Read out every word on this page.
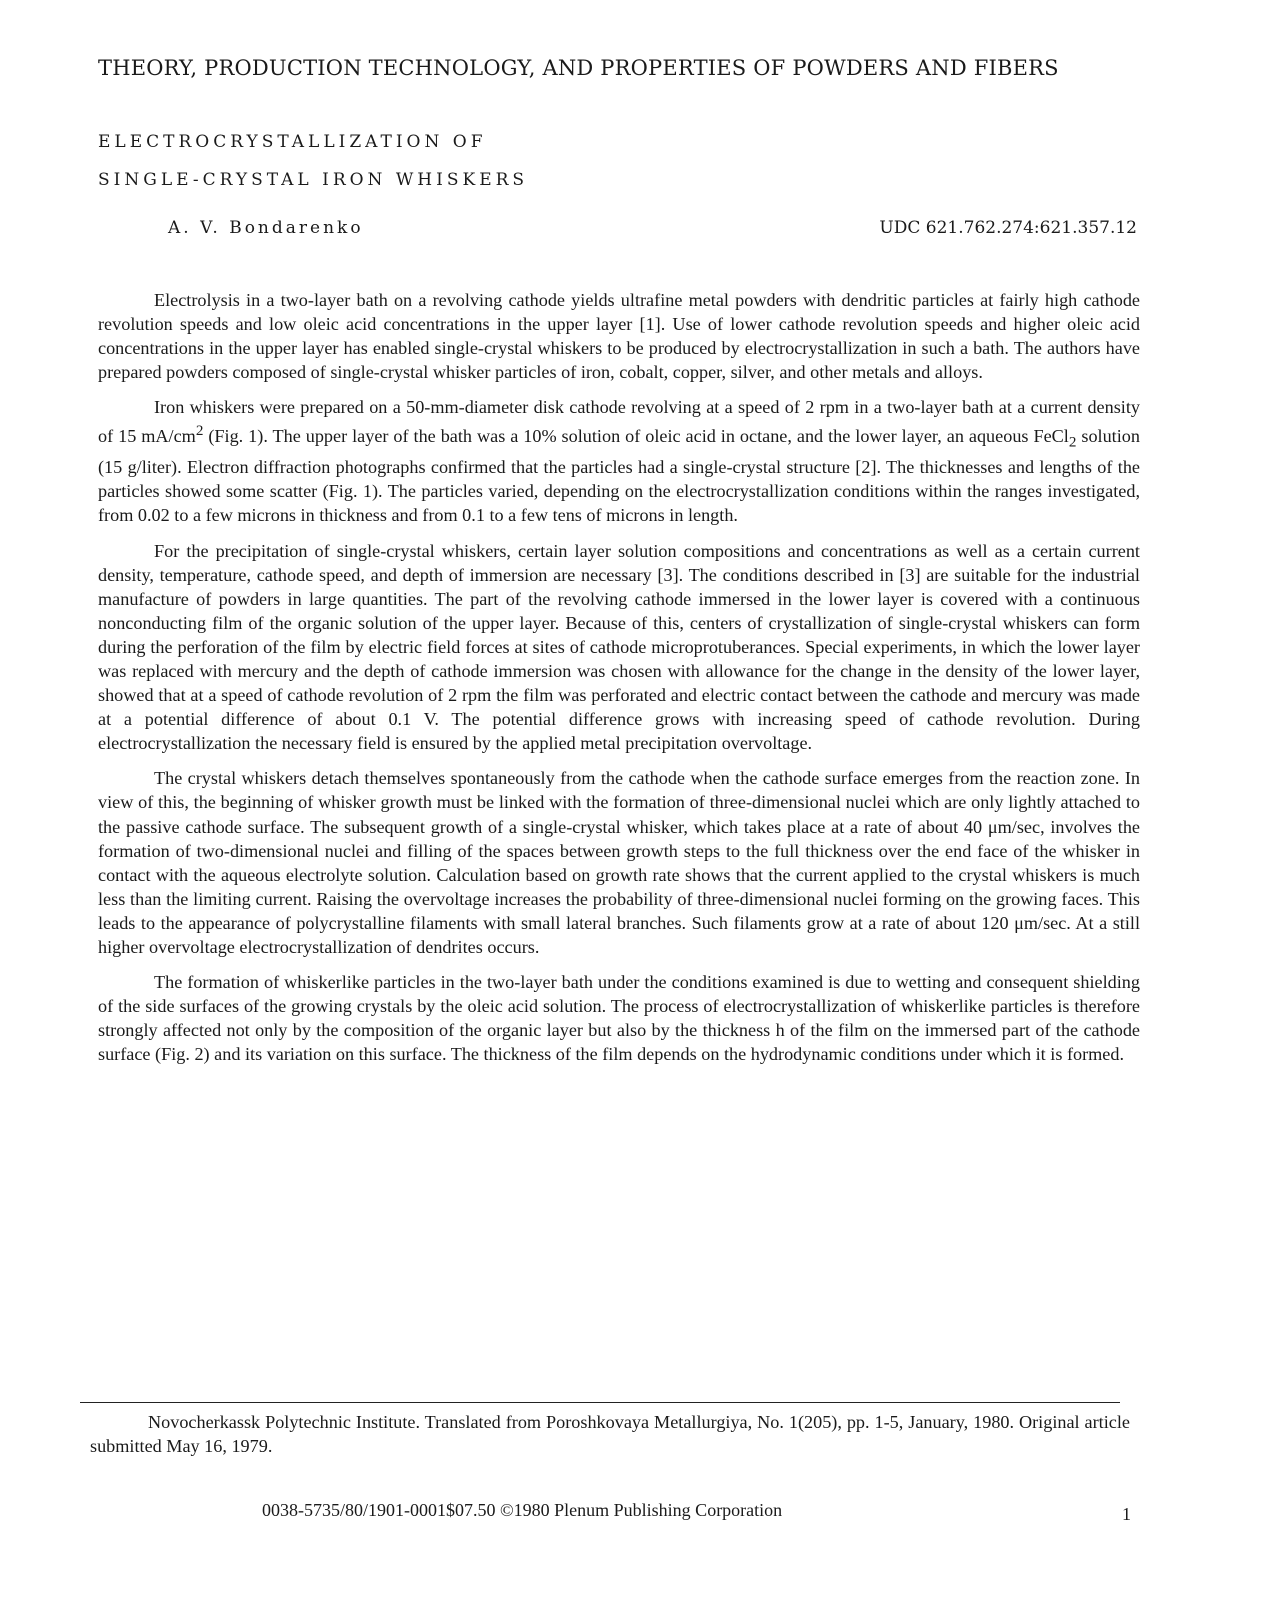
THEORY, PRODUCTION TECHNOLOGY, AND PROPERTIES OF POWDERS AND FIBERS
ELECTROCRYSTALLIZATION OF
SINGLE-CRYSTAL IRON WHISKERS
A. V. Bondarenko	UDC 621.762.274:621.357.12

Electrolysis in a two-layer bath on a revolving cathode yields ultrafine metal powders with dendritic particles at fairly high cathode revolution speeds and low oleic acid concentrations in the upper layer [1]. Use of lower cathode revolution speeds and higher oleic acid concentrations in the upper layer has enabled single-crystal whiskers to be produced by electrocrystallization in such a bath. The authors have prepared powders composed of single-crystal whisker particles of iron, cobalt, copper, silver, and other metals and alloys.

Iron whiskers were prepared on a 50-mm-diameter disk cathode revolving at a speed of 2 rpm in a two-layer bath at a current density of 15 $mA/cm^2$ (Fig. 1). The upper layer of the bath was a 10% solution of oleic acid in octane, and the lower layer, an aqueous FeCl$_2$ solution (15 g/liter). Electron diffraction photographs confirmed that the particles had a single-crystal structure [2]. The thicknesses and lengths of the particles showed some scatter (Fig. 1). The particles varied, depending on the electrocrystallization conditions within the ranges investigated, from 0.02 to a few microns in thickness and from 0.1 to a few tens of microns in length.

For the precipitation of single-crystal whiskers, certain layer solution compositions and concentrations as well as a certain current density, temperature, cathode speed, and depth of immersion are necessary [3]. The conditions described in [3] are suitable for the industrial manufacture of powders in large quantities. The part of the revolving cathode immersed in the lower layer is covered with a continuous nonconducting film of the organic solution of the upper layer. Because of this, centers of crystallization of single-crystal whiskers can form during the perforation of the film by electric field forces at sites of cathode microprotuberances. Special experiments, in which the lower layer was replaced with mercury and the depth of cathode immersion was chosen with allowance for the change in the density of the lower layer, showed that at a speed of cathode revolution of 2 rpm the film was perforated and electric contact between the cathode and mercury was made at a potential difference of about 0.1 V. The potential difference grows with increasing speed of cathode revolution. During electrocrystallization the necessary field is ensured by the applied metal precipitation overvoltage.

The crystal whiskers detach themselves spontaneously from the cathode when the cathode surface emerges from the reaction zone. In view of this, the beginning of whisker growth must be linked with the formation of three-dimensional nuclei which are only lightly attached to the passive cathode surface. The subsequent growth of a single-crystal whisker, which takes place at a rate of about 40 μm/sec, involves the formation of two-dimensional nuclei and filling of the spaces between growth steps to the full thickness over the end face of the whisker in contact with the aqueous electrolyte solution. Calculation based on growth rate shows that the current applied to the crystal whiskers is much less than the limiting current. Raising the overvoltage increases the probability of three-dimensional nuclei forming on the growing faces. This leads to the appearance of polycrystalline filaments with small lateral branches. Such filaments grow at a rate of about 120 μm/sec. At a still higher overvoltage electrocrystallization of dendrites occurs.

The formation of whiskerlike particles in the two-layer bath under the conditions examined is due to wetting and consequent shielding of the side surfaces of the growing crystals by the oleic acid solution. The process of electrocrystallization of whiskerlike particles is therefore strongly affected not only by the composition of the organic layer but also by the thickness h of the film on the immersed part of the cathode surface (Fig. 2) and its variation on this surface. The thickness of the film depends on the hydrodynamic conditions under which it is formed.

Novocherkassk Polytechnic Institute. Translated from Poroshkovaya Metallurgiya, No. 1(205), pp. 1-5, January, 1980. Original article submitted May 16, 1979.
0038-5735/80/1901-0001$07.50 ©1980 Plenum Publishing Corporation	1
